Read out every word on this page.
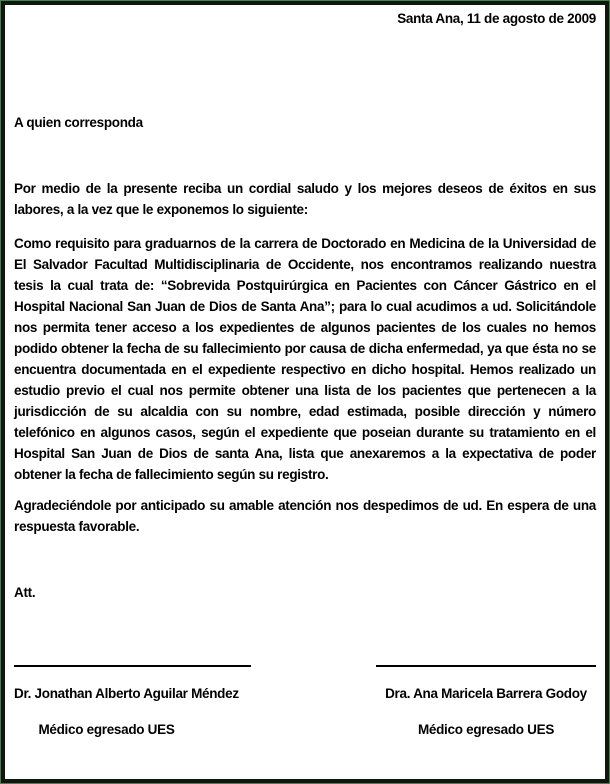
Santa Ana, 11 de agosto de 2009

A quien corresponda

Por medio de la presente reciba un cordial saludo y los mejores deseos de éxitos en sus labores, a la vez que le exponemos lo siguiente:

Como requisito para graduarnos de la carrera de Doctorado en Medicina de la Universidad de El Salvador Facultad Multidisciplinaria de Occidente, nos encontramos realizando nuestra tesis la cual trata de: “Sobrevida Postquirúrgica en Pacientes con Cáncer Gástrico en el Hospital Nacional San Juan de Dios de Santa Ana”; para lo cual acudimos a ud. Solicitándole nos permita tener acceso a los expedientes de algunos pacientes de los cuales no hemos podido obtener la fecha de su fallecimiento por causa de dicha enfermedad, ya que ésta no se encuentra documentada en el expediente respectivo en dicho hospital. Hemos realizado un estudio previo el cual nos permite obtener una lista de los pacientes que pertenecen a la jurisdicción de su alcaldia con su nombre, edad estimada, posible dirección y número telefónico en algunos casos, según el expediente que poseian durante su tratamiento en el Hospital San Juan de Dios de santa Ana, lista que anexaremos a la expectativa de poder obtener la fecha de fallecimiento según su registro.

Agradeciéndole por anticipado su amable atención nos despedimos de ud. En espera de una respuesta favorable.

Att.

Dr. Jonathan Alberto Aguilar Méndez
Médico egresado UES
Dra. Ana Maricela Barrera Godoy
Médico egresado UES
